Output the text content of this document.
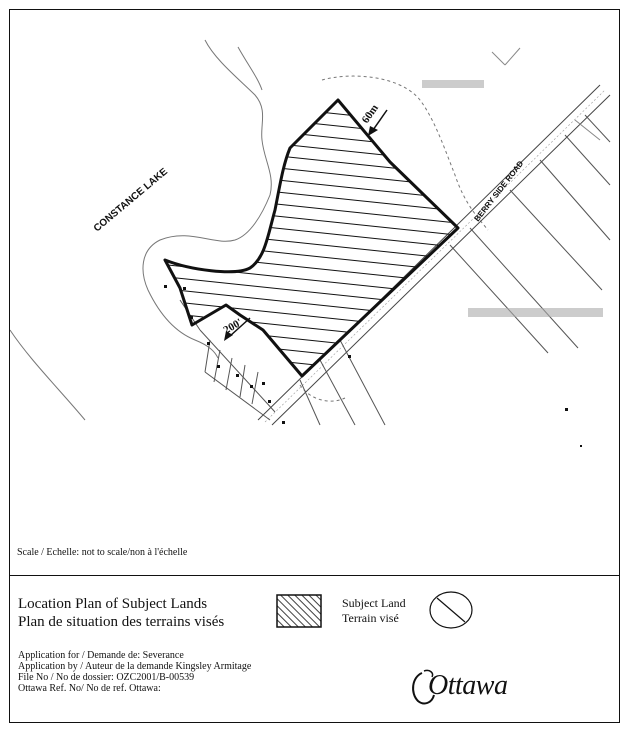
CONSTANCE LAKE	BERRY SIDE ROAD
60m
200'
Scale / Echelle: not to scale/non à l'échelle
Location Plan of Subject Lands
Plan de situation des terrains visés
Subject Land
Terrain visé
Application for / Demande de: Severance
Application by / Auteur de la demande Kingsley Armitage
File No / No de dossier: OZC2001/B-00539
Ottawa Ref. No/ No de ref. Ottawa:	Ottawa
